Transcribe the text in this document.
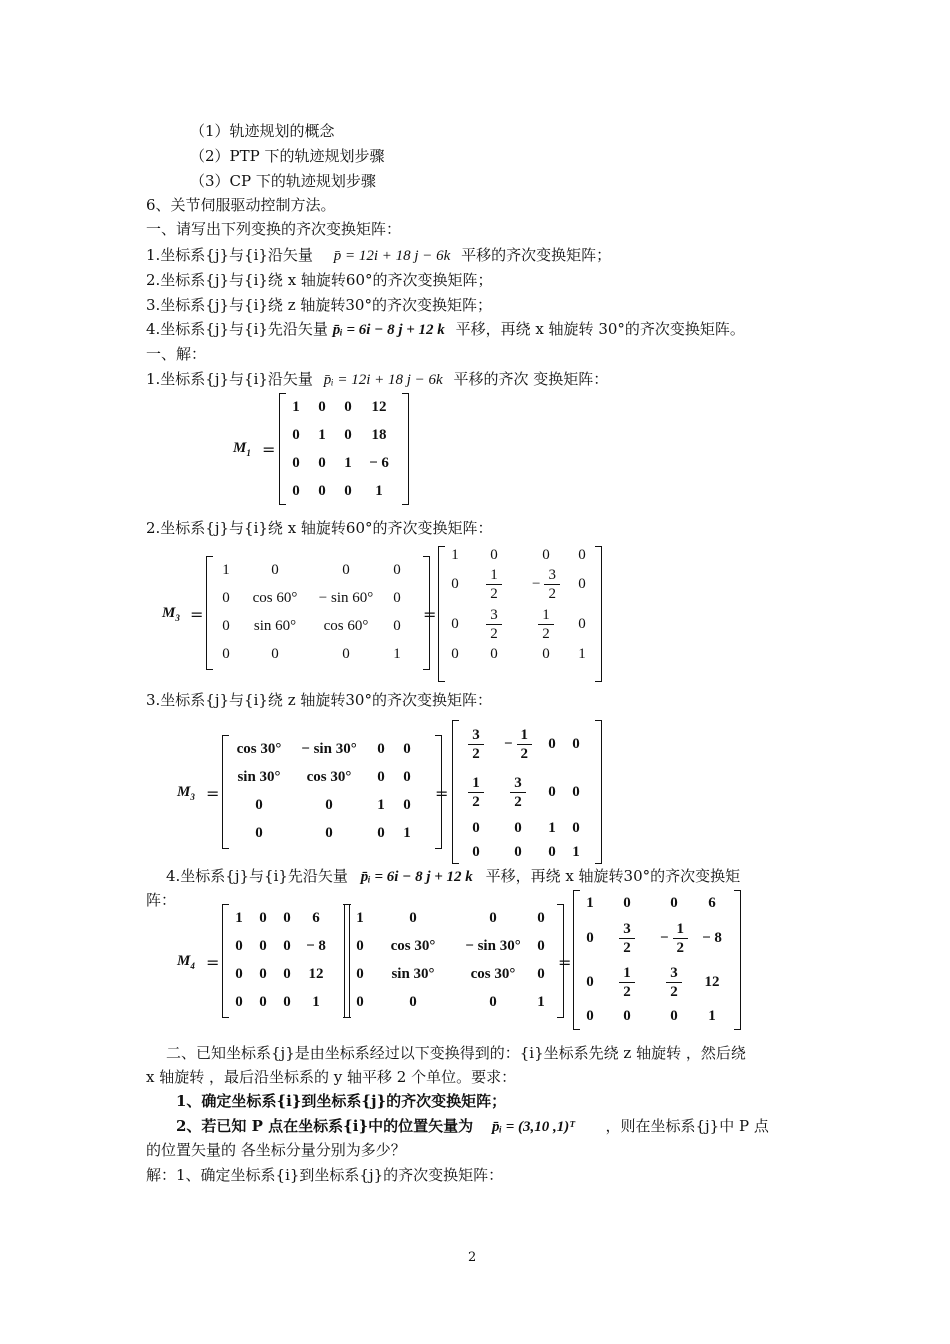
（1）轨迹规划的概念
（2）PTP 下的轨迹规划步骤
（3）CP 下的轨迹规划步骤
6、关节伺服驱动控制方法。
一、请写出下列变换的齐次变换矩阵：
1.坐标系{j}与{i}沿矢量 p̄ = 12i + 18 j − 6k 平移的齐次变换矩阵；
2.坐标系{j}与{i}绕 x 轴旋转60°的齐次变换矩阵；
3.坐标系{j}与{i}绕 z 轴旋转30°的齐次变换矩阵；
4.坐标系{j}与{i}先沿矢量 p̄ᵢ = 6i − 8 j + 12 k 平移，再绕 x 轴旋转 30°的齐次变换矩阵。
一、解：
1.坐标系{j}与{i}沿矢量 p̄ᵢ = 12i + 18 j − 6k 平移的齐次 变换矩阵：
$M_1$ =
1 0 0 12
0 1 0 18
0 0 1 − 6
0 0 0 1
2.坐标系{j}与{i}绕 x 轴旋转60°的齐次变换矩阵：
$M_3$ =
1	0	0	0
0 cos 60° − sin 60° 0
0 sin 60° cos 60° 0
0	0	0	1
=
1 0	0 0
$0 \frac{1}{2} - \frac{3}{2} 0$
$0 \frac{3}{2} \frac{1}{2} 0$
0 0	0 1
3.坐标系{j}与{i}绕 z 轴旋转30°的齐次变换矩阵：
$M_3$ =
cos 30° − sin 30° 0 0
sin 30° cos 30° 0 0
0	0	1 0
0	0	0 1
=
$\frac{3}{2} - \frac{1}{2} 0$ 0
$\frac{1}{2} \frac{3}{2} 0$ 0
0 0 1 0
0 0 0 1
4.坐标系{j}与{i}先沿矢量 p̄ᵢ = 6i − 8 j + 12 k 平移，再绕 x 轴旋转30°的齐次变换矩
阵：
$M_4$ =
1 0 0 6
0 0 0 − 8
0 0 0 12
0 0 0 1
1	0	0	0
0 cos 30° − sin 30° 0
0 sin 30° cos 30° 0
0	0	0	1
=
1 0	0 6
$0 \frac{3}{2} - \frac{1}{2} - 8$
$0 \frac{1}{2} \frac{3}{2} 12$
0 0	0 1
二、已知坐标系{j}是由坐标系经过以下变换得到的：{i}坐标系先绕 z 轴旋转 ，然后绕
x 轴旋转 ，最后沿坐标系的 y 轴平移 2 个单位。要求：
1、确定坐标系{i}到坐标系{j}的齐次变换矩阵；
2、若已知 P 点在坐标系{i}中的位置矢量为 p̄ᵢ = (3,10 ,1)ᵀ ，则在坐标系{j}中 P 点
的位置矢量的 各坐标分量分别为多少？
解：1、确定坐标系{i}到坐标系{j}的齐次变换矩阵：
2
